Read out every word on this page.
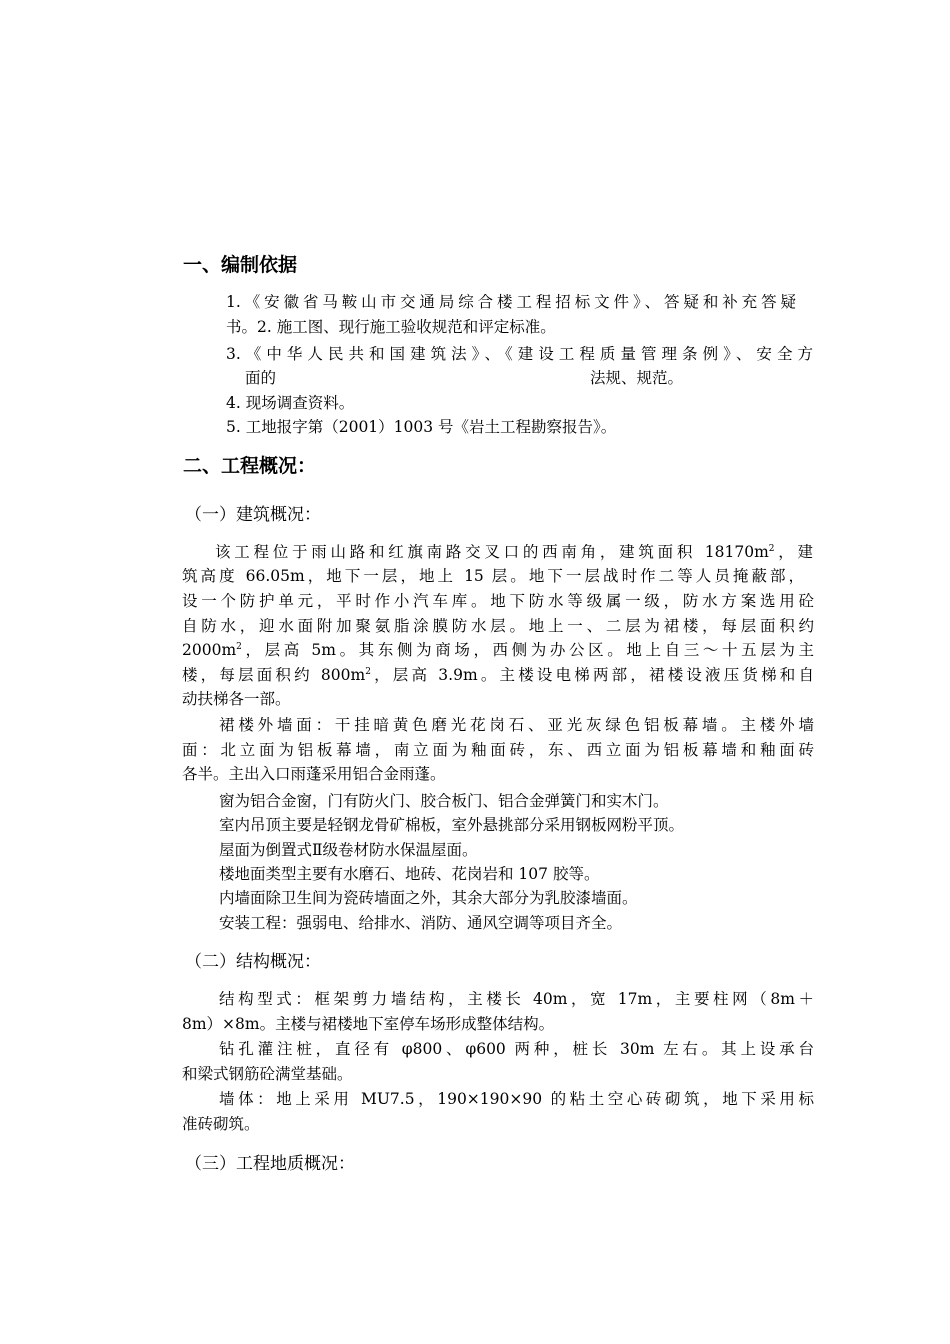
一、编制依据
1.《安徽省马鞍山市交通局综合楼工程招标文件》、答疑和补充答疑
书。2. 施工图、现行施工验收规范和评定标准。
3.《中华人民共和国建筑法》、《建设工程质量管理条例》、安全方
面的	法规、规范。
4. 现场调查资料。
5. 工地报字第（2001）1003 号《岩土工程勘察报告》。
二、工程概况：
（一）建筑概况：
该工程位于雨山路和红旗南路交叉口的西南角，建筑面积 $18170m^2$，建
筑高度 66.05m，地下一层，地上 15 层。地下一层战时作二等人员掩蔽部，
设一个防护单元，平时作小汽车库。地下防水等级属一级，防水方案选用砼
自防水，迎水面附加聚氨脂涂膜防水层。地上一、二层为裙楼，每层面积约
$2000m^2$，层高 5m。其东侧为商场，西侧为办公区。地上自三～十五层为主
楼，每层面积约 $800m^2$，层高 3.9m。主楼设电梯两部，裙楼设液压货梯和自
动扶梯各一部。
裙楼外墙面：干挂暗黄色磨光花岗石、亚光灰绿色铝板幕墙。主楼外墙
面：北立面为铝板幕墙，南立面为釉面砖，东、西立面为铝板幕墙和釉面砖
各半。主出入口雨蓬采用铝合金雨蓬。
窗为铝合金窗，门有防火门、胶合板门、铝合金弹簧门和实木门。
室内吊顶主要是轻钢龙骨矿棉板，室外悬挑部分采用钢板网粉平顶。
屋面为倒置式Ⅱ级卷材防水保温屋面。
楼地面类型主要有水磨石、地砖、花岗岩和 107 胶等。
内墙面除卫生间为瓷砖墙面之外，其余大部分为乳胶漆墙面。
安装工程：强弱电、给排水、消防、通风空调等项目齐全。
（二）结构概况：
结构型式：框架剪力墙结构，主楼长 40m，宽 17m，主要柱网（8m＋
8m）×8m。主楼与裙楼地下室停车场形成整体结构。
钻孔灌注桩，直径有 φ800、φ600 两种，桩长 30m 左右。其上设承台
和梁式钢筋砼满堂基础。
墙体：地上采用 MU7.5，190×190×90 的粘土空心砖砌筑，地下采用标
准砖砌筑。
（三）工程地质概况：
